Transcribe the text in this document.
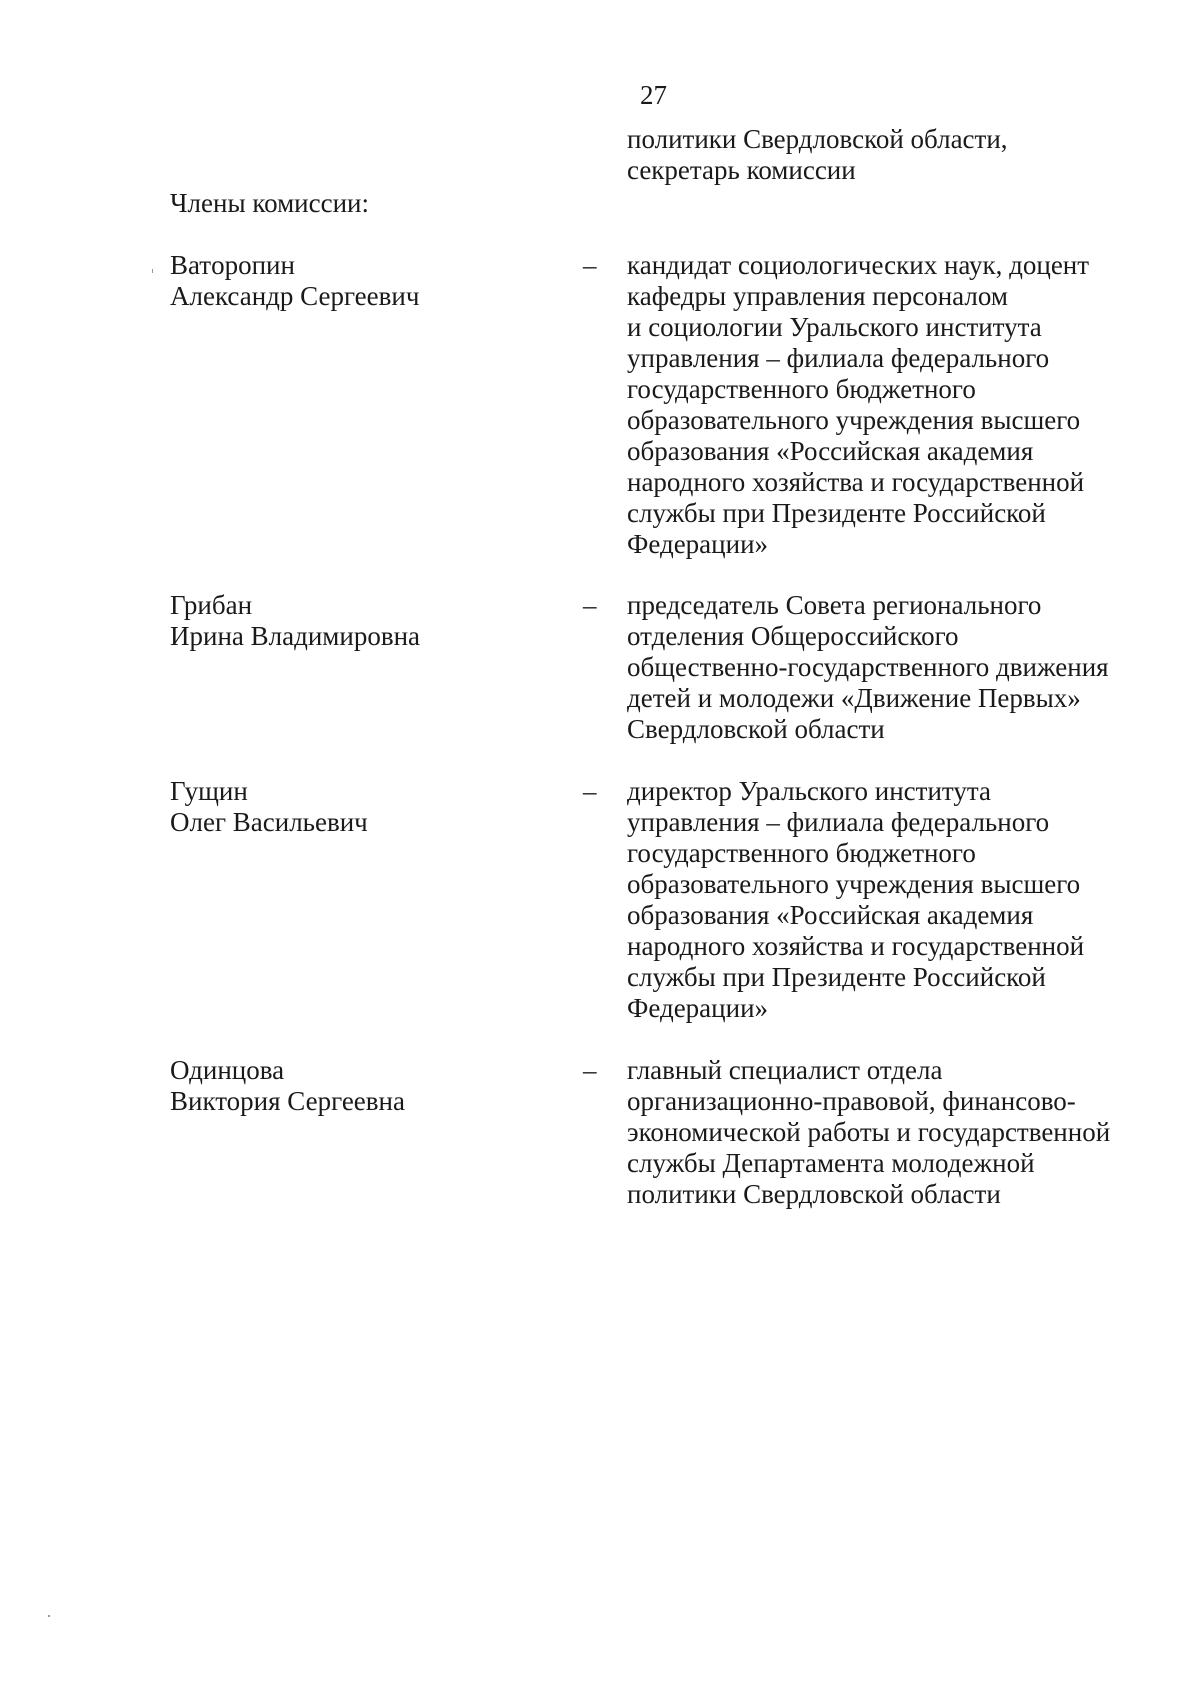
27
политики Свердловской области,
секретарь комиссии
Члены комиссии:
Ватoропин
Александр Сергеевич
– кандидат социологических наук, доцент
кафедры управления персоналом
и социологии Уральского института
управления – филиала федерального
государственного бюджетного
образовательного учреждения высшего
образования «Российская академия
народного хозяйства и государственной
службы при Президенте Российской
Федерации»
Грибан
Ирина Владимировна
– председатель Совета регионального
отделения Общероссийского
общественно-государственного движения
детей и молодежи «Движение Первых»
Свердловской области
Гущин
Олег Васильевич
– директор Уральского института
управления – филиала федерального
государственного бюджетного
образовательного учреждения высшего
образования «Российская академия
народного хозяйства и государственной
службы при Президенте Российской
Федерации»
Одинцова
Виктория Сергеевна
– главный специалист отдела
организационно-правовой, финансово-
экономической работы и государственной
службы Департамента молодежной
политики Свердловской области
